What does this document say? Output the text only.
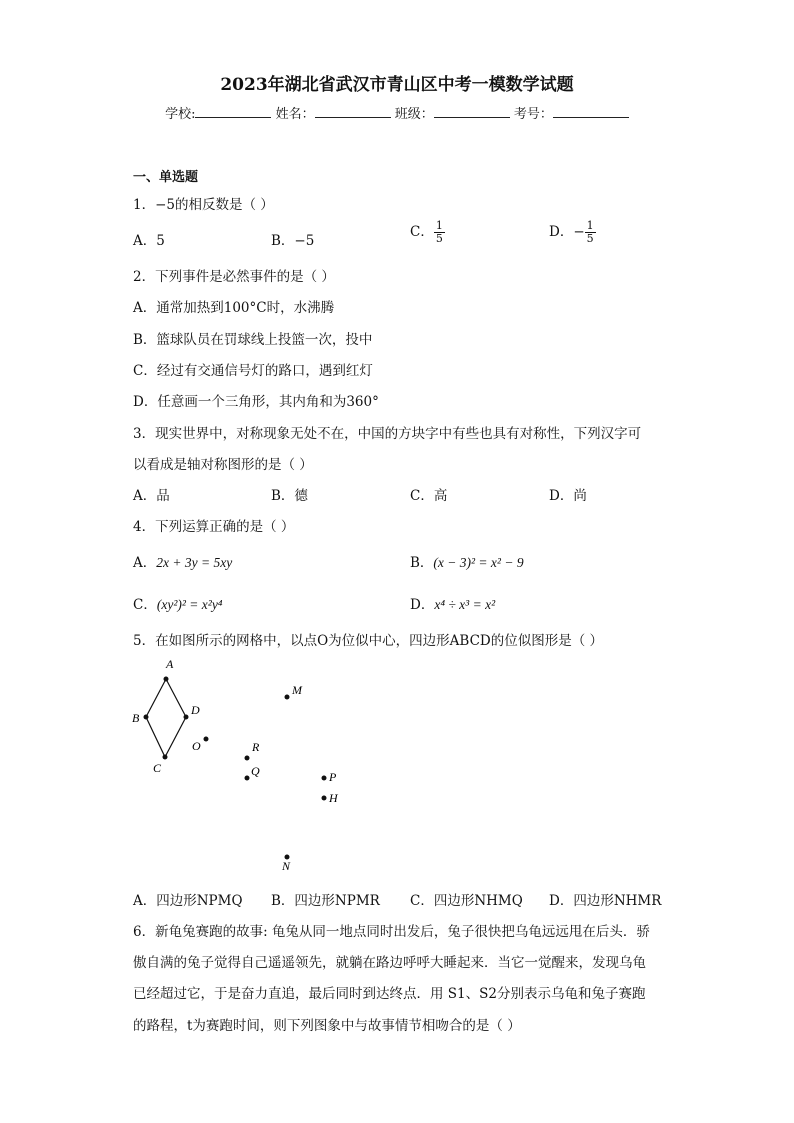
2023年湖北省武汉市青山区中考一模数学试题
学校:	姓名：	班级：	考号：
一、单选题
1．−5的相反数是（ ）
A．5	B．−5
C． $\frac{1}{5}$	D．− $\frac{1}{5}$
2．下列事件是必然事件的是（ ）
A．通常加热到100°C时，水沸腾
B．篮球队员在罚球线上投篮一次，投中
C．经过有交通信号灯的路口，遇到红灯
D．任意画一个三角形，其内角和为360°
3．现实世界中，对称现象无处不在，中国的方块字中有些也具有对称性，下列汉字可
以看成是轴对称图形的是（ ）
A．品	B．德	C．高	D．尚
4．下列运算正确的是（ ）
A．2x + 3y = 5xy	B．(x − 3)² = x² − 9
C．(xy²)² = x²y⁴	D．x⁴ ÷ x³ = x²
5．在如图所示的网格中，以点O为位似中心，四边形ABCD的位似图形是（ ）
A
B
C
D
O
M
R
Q	P
H
N
A．四边形NPMQ B．四边形NPMR C．四边形NHMQ D．四边形NHMR
6．新龟兔赛跑的故事: 龟兔从同一地点同时出发后，兔子很快把乌龟远远甩在后头．骄
傲自满的兔子觉得自己遥遥领先，就躺在路边呼呼大睡起来．当它一觉醒来，发现乌龟
已经超过它，于是奋力直追，最后同时到达终点．用 S1、S2分别表示乌龟和兔子赛跑
的路程，t为赛跑时间，则下列图象中与故事情节相吻合的是（ ）
